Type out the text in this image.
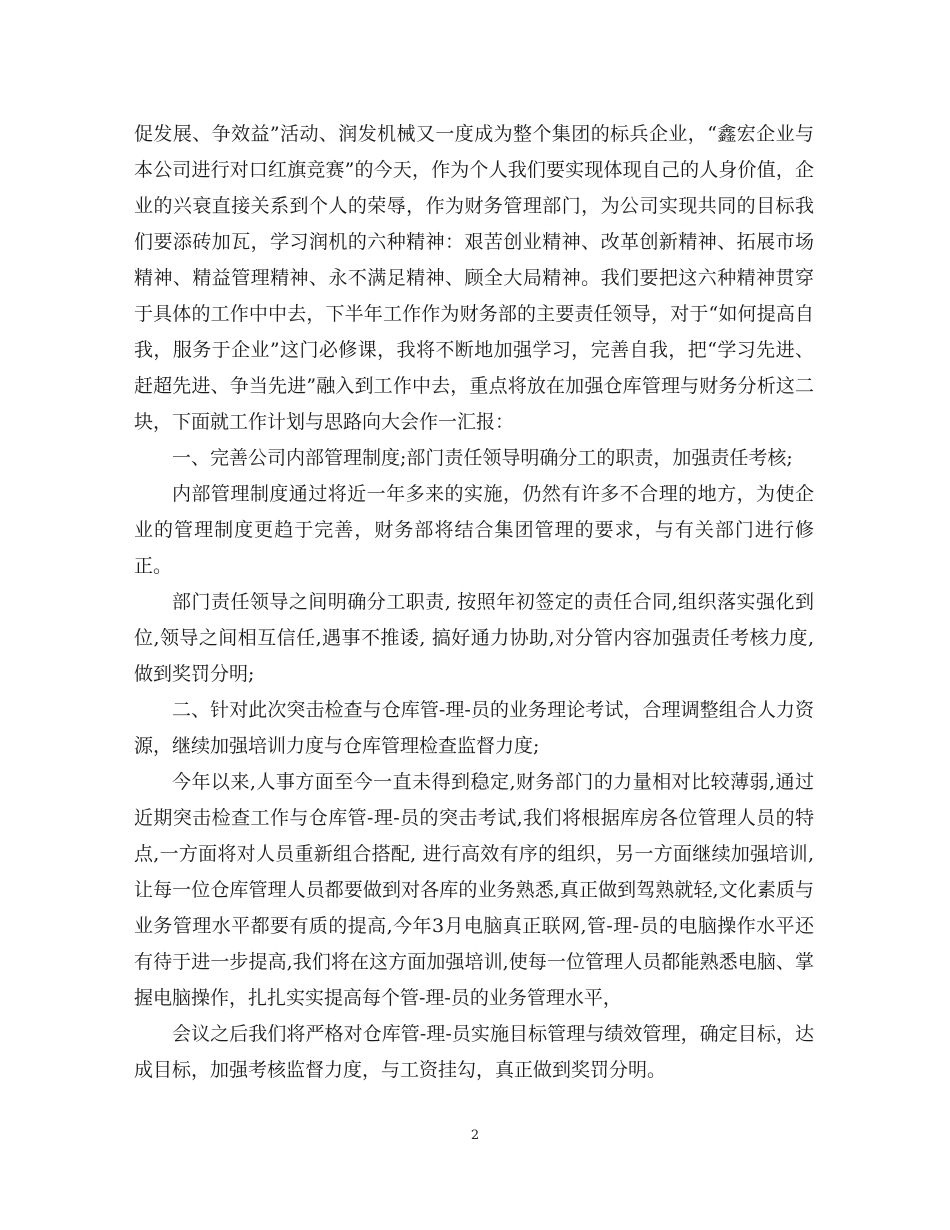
促发展、争效益”活动、润发机械又一度成为整个集团的标兵企业，“鑫宏企业与本公司进行对口红旗竞赛”的今天，作为个人我们要实现体现自己的人身价值，企业的兴衰直接关系到个人的荣辱，作为财务管理部门，为公司实现共同的目标我们要添砖加瓦，学习润机的六种精神：艰苦创业精神、改革创新精神、拓展市场精神、精益管理精神、永不满足精神、顾全大局精神。我们要把这六种精神贯穿于具体的工作中中去，下半年工作作为财务部的主要责任领导，对于“如何提高自我，服务于企业”这门必修课，我将不断地加强学习，完善自我，把“学习先进、赶超先进、争当先进”融入到工作中去，重点将放在加强仓库管理与财务分析这二块，下面就工作计划与思路向大会作一汇报：

一、完善公司内部管理制度;部门责任领导明确分工的职责，加强责任考核;

内部管理制度通过将近一年多来的实施，仍然有许多不合理的地方，为使企业的管理制度更趋于完善，财务部将结合集团管理的要求，与有关部门进行修正。

部门责任领导之间明确分工职责, 按照年初签定的责任合同,组织落实强化到位,领导之间相互信任,遇事不推诿, 搞好通力协助,对分管内容加强责任考核力度,做到奖罚分明;

二、针对此次突击检查与仓库管-理-员的业务理论考试，合理调整组合人力资源，继续加强培训力度与仓库管理检查监督力度;

今年以来,人事方面至今一直未得到稳定,财务部门的力量相对比较薄弱,通过近期突击检查工作与仓库管-理-员的突击考试,我们将根据库房各位管理人员的特点,一方面将对人员重新组合搭配, 进行高效有序的组织，另一方面继续加强培训, 让每一位仓库管理人员都要做到对各库的业务熟悉,真正做到驾熟就轻,文化素质与业务管理水平都要有质的提高,今年3月电脑真正联网,管-理-员的电脑操作水平还有待于进一步提高,我们将在这方面加强培训,使每一位管理人员都能熟悉电脑、掌握电脑操作，扎扎实实提高每个管-理-员的业务管理水平，

会议之后我们将严格对仓库管-理-员实施目标管理与绩效管理，确定目标，达成目标，加强考核监督力度，与工资挂勾，真正做到奖罚分明。

2
